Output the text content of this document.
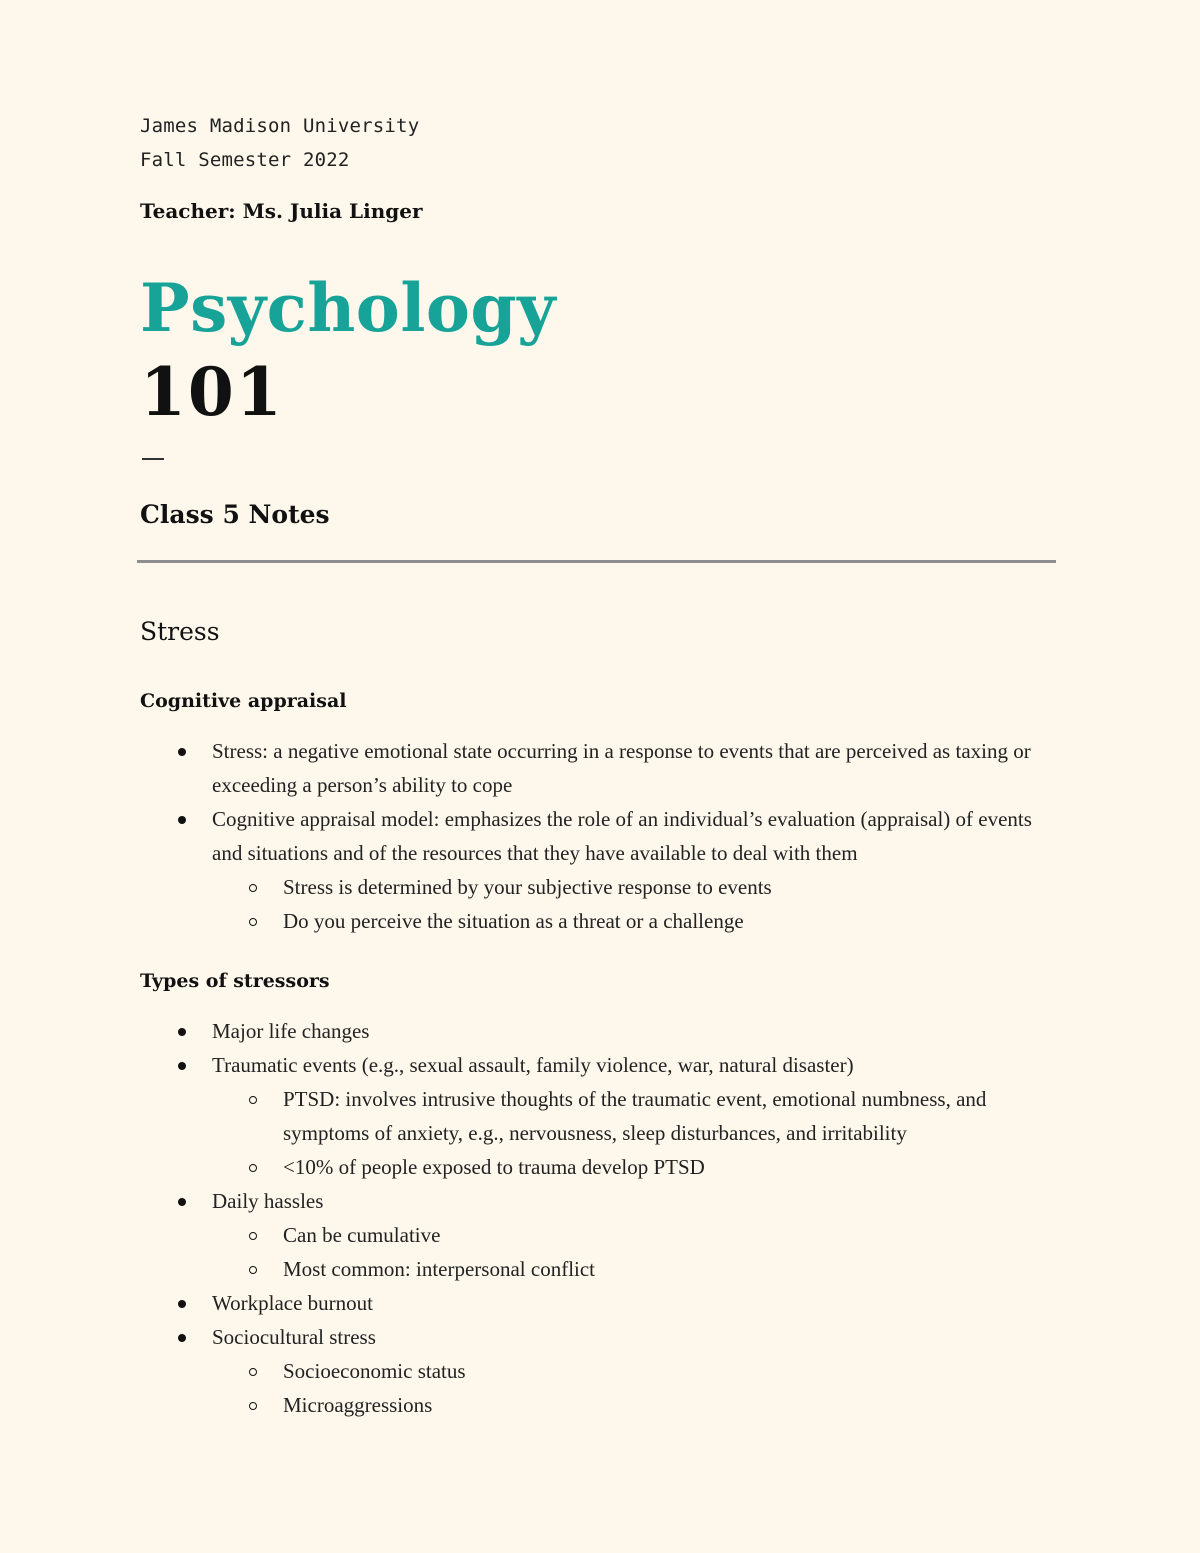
James Madison University
Fall Semester 2022
Teacher: Ms. Julia Linger
Psychology
101
Class 5 Notes
Stress
Cognitive appraisal
Stress: a negative emotional state occurring in a response to events that are perceived as taxing or exceeding a person’s ability to cope
Cognitive appraisal model: emphasizes the role of an individual’s evaluation (appraisal) of events and situations and of the resources that they have available to deal with them
Stress is determined by your subjective response to events
Do you perceive the situation as a threat or a challenge
Types of stressors
Major life changes
Traumatic events (e.g., sexual assault, family violence, war, natural disaster)
PTSD: involves intrusive thoughts of the traumatic event, emotional numbness, and symptoms of anxiety, e.g., nervousness, sleep disturbances, and irritability
<10% of people exposed to trauma develop PTSD
Daily hassles
Can be cumulative
Most common: interpersonal conflict
Workplace burnout
Sociocultural stress
Socioeconomic status
Microaggressions
